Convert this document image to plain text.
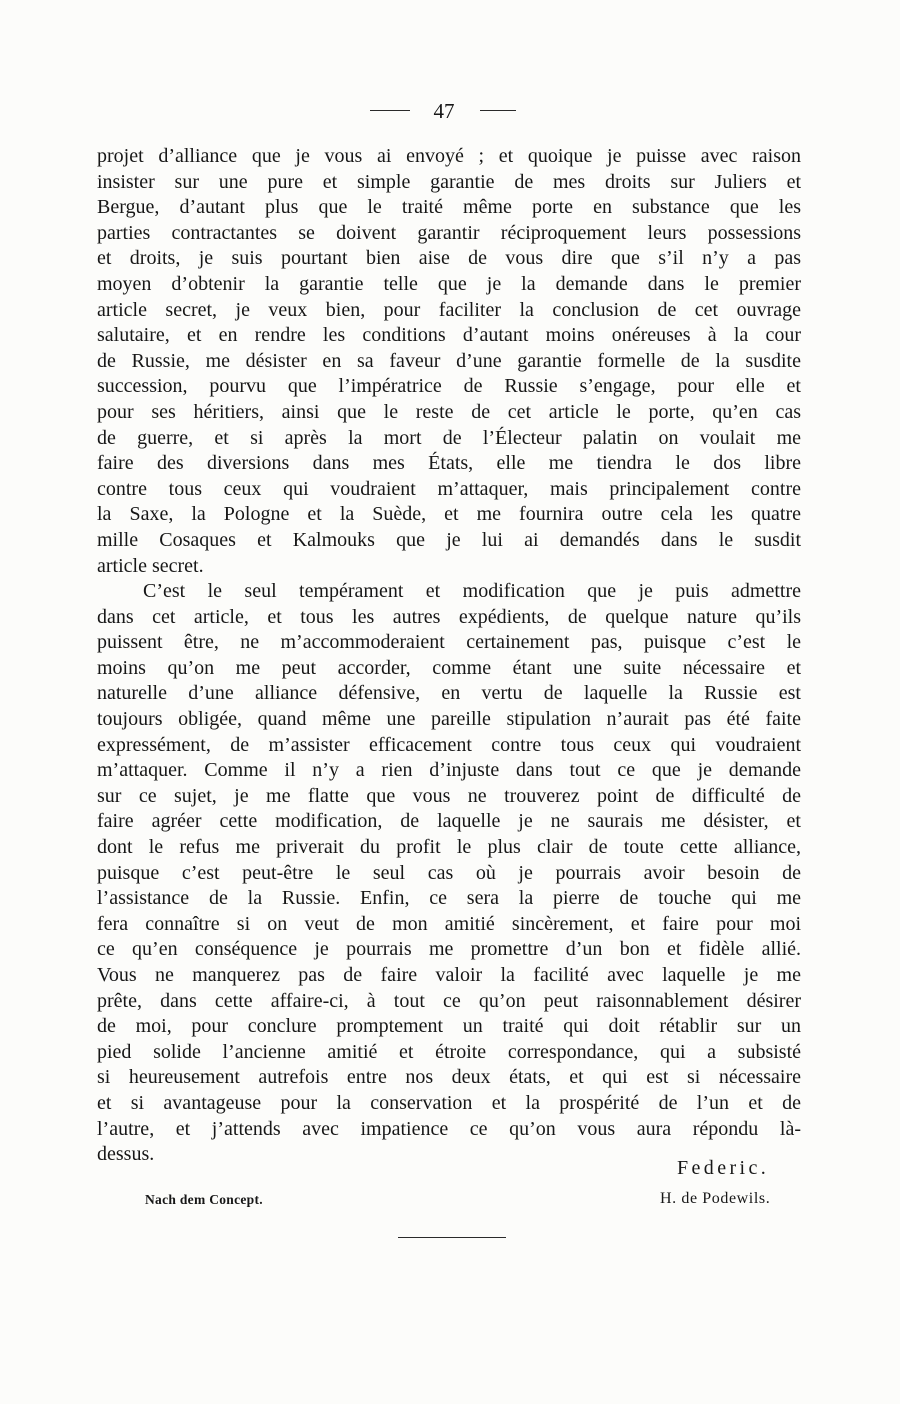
47
projet d’alliance que je vous ai envoyé ; et quoique je puisse avec raison
insister sur une pure et simple garantie de mes droits sur Juliers et
Bergue, d’autant plus que le traité même porte en substance que les
parties contractantes se doivent garantir réciproquement leurs possessions
et droits, je suis pourtant bien aise de vous dire que s’il n’y a pas
moyen d’obtenir la garantie telle que je la demande dans le premier
article secret, je veux bien, pour faciliter la conclusion de cet ouvrage
salutaire, et en rendre les conditions d’autant moins onéreuses à la cour
de Russie, me désister en sa faveur d’une garantie formelle de la susdite
succession, pourvu que l’impératrice de Russie s’engage, pour elle et
pour ses héritiers, ainsi que le reste de cet article le porte, qu’en cas
de guerre, et si après la mort de l’Électeur palatin on voulait me
faire des diversions dans mes États, elle me tiendra le dos libre
contre tous ceux qui voudraient m’attaquer, mais principalement contre
la Saxe, la Pologne et la Suède, et me fournira outre cela les quatre
mille Cosaques et Kalmouks que je lui ai demandés dans le susdit
article secret.
C’est le seul tempérament et modification que je puis admettre
dans cet article, et tous les autres expédients, de quelque nature qu’ils
puissent être, ne m’accommoderaient certainement pas, puisque c’est le
moins qu’on me peut accorder, comme étant une suite nécessaire et
naturelle d’une alliance défensive, en vertu de laquelle la Russie est
toujours obligée, quand même une pareille stipulation n’aurait pas été faite
expressément, de m’assister efficacement contre tous ceux qui voudraient
m’attaquer. Comme il n’y a rien d’injuste dans tout ce que je demande
sur ce sujet, je me flatte que vous ne trouverez point de difficulté de
faire agréer cette modification, de laquelle je ne saurais me désister, et
dont le refus me priverait du profit le plus clair de toute cette alliance,
puisque c’est peut-être le seul cas où je pourrais avoir besoin de
l’assistance de la Russie. Enfin, ce sera la pierre de touche qui me
fera connaître si on veut de mon amitié sincèrement, et faire pour moi
ce qu’en conséquence je pourrais me promettre d’un bon et fidèle allié.
Vous ne manquerez pas de faire valoir la facilité avec laquelle je me
prête, dans cette affaire-ci, à tout ce qu’on peut raisonnablement désirer
de moi, pour conclure promptement un traité qui doit rétablir sur un
pied solide l’ancienne amitié et étroite correspondance, qui a subsisté
si heureusement autrefois entre nos deux états, et qui est si nécessaire
et si avantageuse pour la conservation et la prospérité de l’un et de
l’autre, et j’attends avec impatience ce qu’on vous aura répondu là-
dessus.
Federic.
Nach dem Concept.	H. de Podewils.
